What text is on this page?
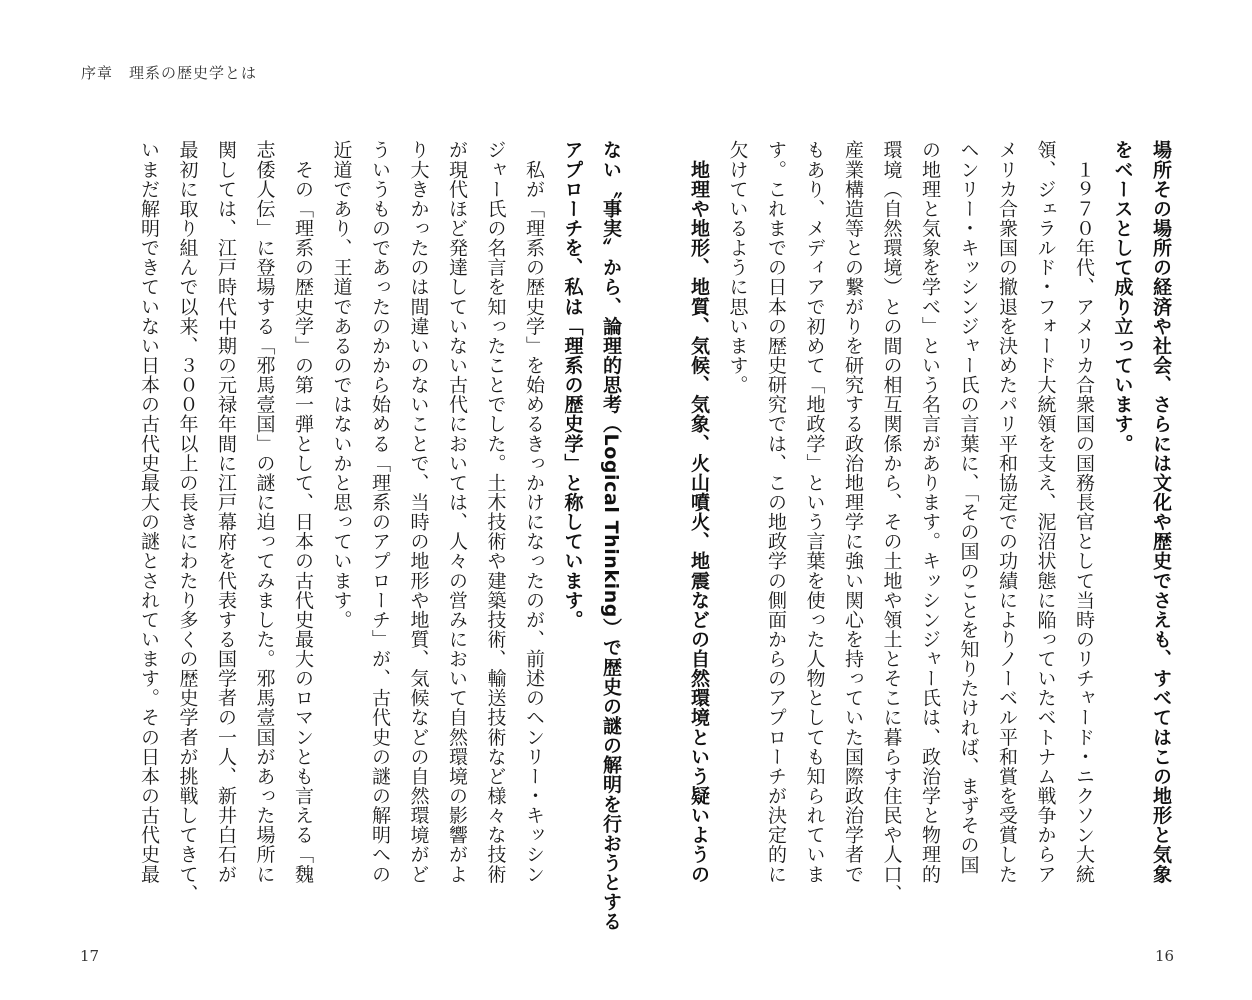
序章　理系の歴史学とは
場所その場所の経済や社会、さらには文化や歴史でさえも、すべてはこの地形と気象
をベースとして成り立っています。
　１９７０年代、アメリカ合衆国の国務長官として当時のリチャード・ニクソン大統
領、ジェラルド・フォード大統領を支え、泥沼状態に陥っていたベトナム戦争からア
メリカ合衆国の撤退を決めたパリ平和協定での功績によりノーベル平和賞を受賞した
ヘンリー・キッシンジャー氏の言葉に、「その国のことを知りたければ、まずその国
の地理と気象を学べ」という名言があります。キッシンジャー氏は、政治学と物理的
環境（自然環境）との間の相互関係から、その土地や領土とそこに暮らす住民や人口、
産業構造等との繋がりを研究する政治地理学に強い関心を持っていた国際政治学者で
もあり、メディアで初めて「地政学」という言葉を使った人物としても知られていま
す。これまでの日本の歴史研究では、この地政学の側面からのアプローチが決定的に
欠けているように思います。
　地理や地形、地質、気候、気象、火山噴火、地震などの自然環境という疑いようの
ない〝事実〟から、論理的思考（Logical Thinking）で歴史の謎の解明を行おうとする
アプローチを、私は「理系の歴史学」と称しています。
　私が「理系の歴史学」を始めるきっかけになったのが、前述のヘンリー・キッシン
ジャー氏の名言を知ったことでした。土木技術や建築技術、輸送技術など様々な技術
が現代ほど発達していない古代においては、人々の営みにおいて自然環境の影響がよ
り大きかったのは間違いのないことで、当時の地形や地質、気候などの自然環境がど
ういうものであったのかから始める「理系のアプローチ」が、古代史の謎の解明への
近道であり、王道であるのではないかと思っています。
　その「理系の歴史学」の第一弾として、日本の古代史最大のロマンとも言える「魏
志倭人伝」に登場する「邪馬壹国」の謎に迫ってみました。邪馬壹国があった場所に
関しては、江戸時代中期の元禄年間に江戸幕府を代表する国学者の一人、新井白石が
最初に取り組んで以来、３００年以上の長きにわたり多くの歴史学者が挑戦してきて、
いまだ解明できていない日本の古代史最大の謎とされています。その日本の古代史最
17	16
